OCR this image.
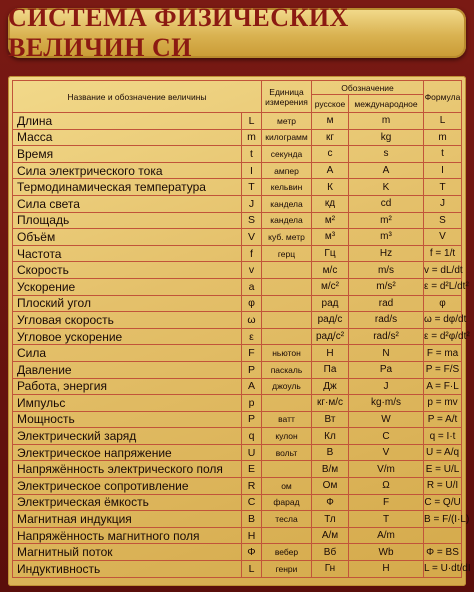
СИСТЕМА ФИЗИЧЕСКИХ ВЕЛИЧИН СИ
Название и обозначение величины		Единица измерения	Обозначение		Формула
			русское	международное	
Длина	L	метр	м	m	L
Масса	m	килограмм	кг	kg	m
Время	t	секунда	с	s	t
Сила электрического тока	I	ампер	А	A	I
Термодинамическая температура	T	кельвин	К	K	T
Сила света	J	кандела	кд	cd	J
Площадь	S	кандела	м²	m²	S
Объём	V	куб. метр	м³	m³	V
Частота	f	герц	Гц	Hz	f = 1/t
Скорость	v		м/с	m/s	v = dL/dt
Ускорение	a		м/с²	m/s²	ε = d²L/dt²
Плоский угол	φ		рад	rad	φ
Угловая скорость	ω		рад/с	rad/s	ω = dφ/dt
Угловое ускорение	ε		рад/с²	rad/s²	ε = d²φ/dt²
Сила	F	ньютон	Н	N	F = ma
Давление	P	паскаль	Па	Pa	P = F/S
Работа, энергия	A	джоуль	Дж	J	A = F·L
Импульс	p		кг·м/с	kg·m/s	p = mv
Мощность	P	ватт	Вт	W	P = A/t
Электрический заряд	q	кулон	Кл	C	q = I·t
Электрическое напряжение	U	вольт	В	V	U = A/q
Напряжённость электрического поля	E		В/м	V/m	E = U/L
Электрическое сопротивление	R	ом	Ом	Ω	R = U/I
Электрическая ёмкость	C	фарад	Ф	F	C = Q/U
Магнитная индукция	B	тесла	Тл	T	B = F/(I·L)
Напряжённость магнитного поля	H		А/м	A/m	
Магнитный поток	Φ	вебер	Вб	Wb	Φ = BS
Индуктивность	L	генри	Гн	H	L = U·dt/dI
